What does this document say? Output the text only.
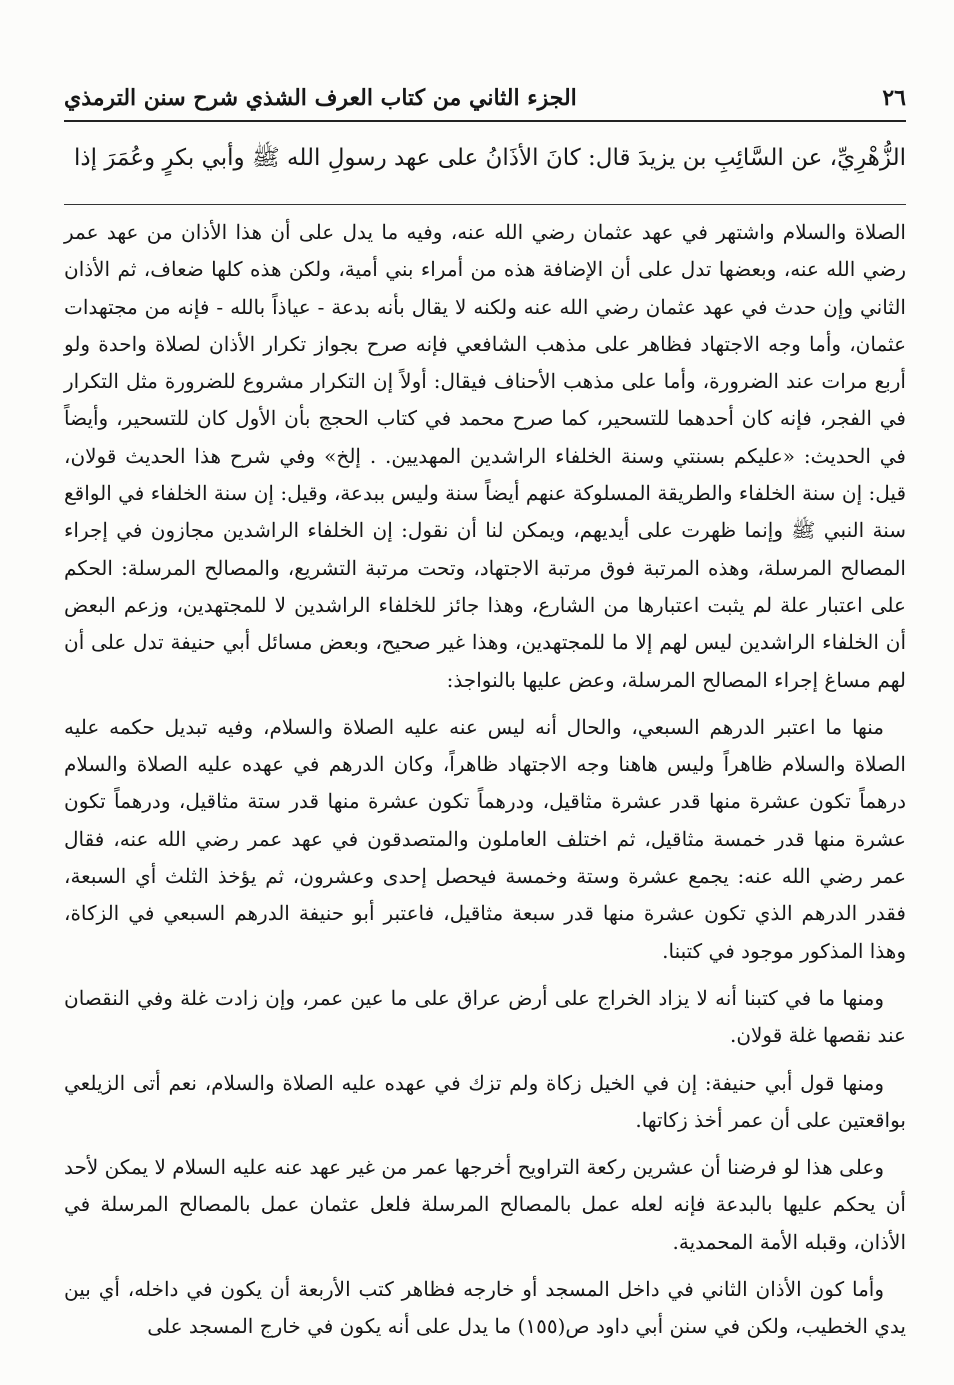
٢٦
الجزء الثاني من كتاب العرف الشذي شرح سنن الترمذي
الزُّهْرِيِّ، عن السَّائِبِ بن يزيدَ قال: كانَ الأذَانُ على عهد رسولِ الله ﷺ وأبي بكرٍ وعُمَرَ إذا

الصلاة والسلام واشتهر في عهد عثمان رضي الله عنه، وفيه ما يدل على أن هذا الأذان من عهد عمر رضي الله عنه، وبعضها تدل على أن الإضافة هذه من أمراء بني أمية، ولكن هذه كلها ضعاف، ثم الأذان الثاني وإن حدث في عهد عثمان رضي الله عنه ولكنه لا يقال بأنه بدعة - عياذاً بالله - فإنه من مجتهدات عثمان، وأما وجه الاجتهاد فظاهر على مذهب الشافعي فإنه صرح بجواز تكرار الأذان لصلاة واحدة ولو أربع مرات عند الضرورة، وأما على مذهب الأحناف فيقال: أولاً إن التكرار مشروع للضرورة مثل التكرار في الفجر، فإنه كان أحدهما للتسحير، كما صرح محمد في كتاب الحجج بأن الأول كان للتسحير، وأيضاً في الحديث: «عليكم بسنتي وسنة الخلفاء الراشدين المهديين. . إلخ» وفي شرح هذا الحديث قولان، قيل: إن سنة الخلفاء والطريقة المسلوكة عنهم أيضاً سنة وليس ببدعة، وقيل: إن سنة الخلفاء في الواقع سنة النبي ﷺ وإنما ظهرت على أيديهم، ويمكن لنا أن نقول: إن الخلفاء الراشدين مجازون في إجراء المصالح المرسلة، وهذه المرتبة فوق مرتبة الاجتهاد، وتحت مرتبة التشريع، والمصالح المرسلة: الحكم على اعتبار علة لم يثبت اعتبارها من الشارع، وهذا جائز للخلفاء الراشدين لا للمجتهدين، وزعم البعض أن الخلفاء الراشدين ليس لهم إلا ما للمجتهدين، وهذا غير صحيح، وبعض مسائل أبي حنيفة تدل على أن لهم مساغ إجراء المصالح المرسلة، وعض عليها بالنواجذ:

منها ما اعتبر الدرهم السبعي، والحال أنه ليس عنه عليه الصلاة والسلام، وفيه تبديل حكمه عليه الصلاة والسلام ظاهراً وليس هاهنا وجه الاجتهاد ظاهراً، وكان الدرهم في عهده عليه الصلاة والسلام درهماً تكون عشرة منها قدر عشرة مثاقيل، ودرهماً تكون عشرة منها قدر ستة مثاقيل، ودرهماً تكون عشرة منها قدر خمسة مثاقيل، ثم اختلف العاملون والمتصدقون في عهد عمر رضي الله عنه، فقال عمر رضي الله عنه: يجمع عشرة وستة وخمسة فيحصل إحدى وعشرون، ثم يؤخذ الثلث أي السبعة، فقدر الدرهم الذي تكون عشرة منها قدر سبعة مثاقيل، فاعتبر أبو حنيفة الدرهم السبعي في الزكاة، وهذا المذكور موجود في كتبنا.

ومنها ما في كتبنا أنه لا يزاد الخراج على أرض عراق على ما عين عمر، وإن زادت غلة وفي النقصان عند نقصها غلة قولان.

ومنها قول أبي حنيفة: إن في الخيل زكاة ولم تزك في عهده عليه الصلاة والسلام، نعم أتى الزيلعي بواقعتين على أن عمر أخذ زكاتها.

وعلى هذا لو فرضنا أن عشرين ركعة التراويح أخرجها عمر من غير عهد عنه عليه السلام لا يمكن لأحد أن يحكم عليها بالبدعة فإنه لعله عمل بالمصالح المرسلة فلعل عثمان عمل بالمصالح المرسلة في الأذان، وقبله الأمة المحمدية.

وأما كون الأذان الثاني في داخل المسجد أو خارجه فظاهر كتب الأربعة أن يكون في داخله، أي بين يدي الخطيب، ولكن في سنن أبي داود ص(١٥٥) ما يدل على أنه يكون في خارج المسجد على
